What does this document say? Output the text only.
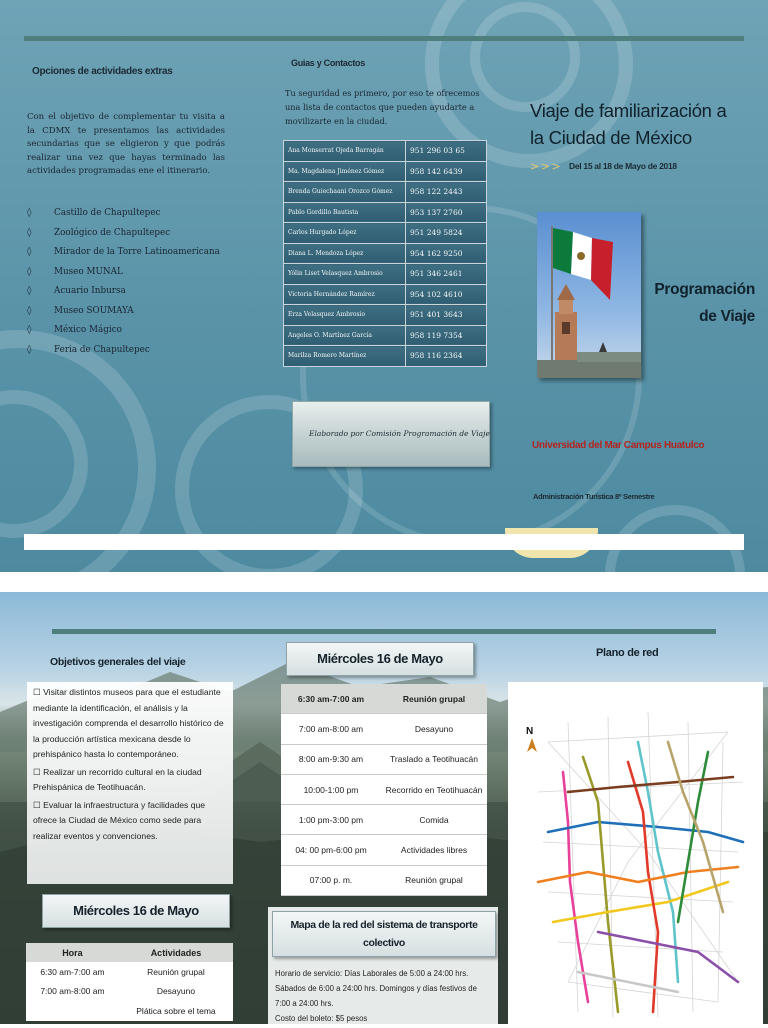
Opciones de actividades extras
Con el objetivo de complementar tu visita a la CDMX te presentamos las actividades secundarias que se eligieron y que podrás realizar una vez que hayas terminado las actividades programadas ene el itinerario.
◊	Castillo de Chapultepec
◊	Zoológico de Chapultepec
◊	Mirador de la Torre Latinoamericana
◊	Museo MUNAL
◊	Acuario Inbursa
◊	Museo SOUMAYA
◊	México Mágico
◊	Feria de Chapultepec
Guias y Contactos
Tu seguridad es primero, por eso te ofrecemos una lista de contactos que pueden ayudarte a movilizarte en la ciudad.
Ana Monserrat Ojeda Barragán	951 296 03 65
Ma. Magdalena Jiménez Gómez	958 142 6439
Brenda Guiechaani Orozco Gómez	958 122 2443
Pablo Gordillo Bautista	953 137 2760
Carlos Hurgado López	951 249 5824
Diana L. Mendoza López	954 162 9250
Yólin Liset Velasquez Ambrosio	951 346 2461
Victoria Hernández Ramírez	954 102 4610
Erza Velasquez Ambrosio	951 401 3643
Angeles O. Martínez García	958 119 7354
Marilza Romero Martínez	958 116 2364
Elaborado por Comisión Programación de Viaje
Viaje de familiarización a
la Ciudad de México
> > > Del 15 al 18 de Mayo de 2018
Programación
de Viaje
Universidad del Mar Campus Huatulco
Administración Turística 8º Semestre
Objetivos generales del viaje

☐ Visitar distintos museos para que el estudiante mediante la identificación, el análisis y la investigación comprenda el desarrollo histórico de la producción artística mexicana desde lo prehispánico hasta lo contemporáneo.

☐ Realizar un recorrido cultural en la ciudad Prehispánica de Teotihuacán.

☐ Evaluar la infraestructura y facilidades que ofrece la Ciudad de México como sede para realizar eventos y convenciones.

Miércoles 16 de Mayo
6:30 am-7:00 am	Reunión grupal
7:00 am-8:00 am	Desayuno
8:00 am-9:30 am	Traslado a Teotihuacán
10:00-1:00 pm	Recorrido en Teotihuacán
1:00 pm-3:00 pm	Comida
04: 00 pm-6:00 pm	Actividades libres
07:00 p. m.	Reunión grupal
Miércoles 16 de Mayo
Hora	Actividades
6:30 am-7:00 am	Reunión grupal
7:00 am-8:00 am	Desayuno
	Plática sobre el tema
Mapa de la red del sistema de transporte colectivo
Horario de servicio: Días Laborales de 5:00 a 24:00 hrs. Sábados de 6:00 a 24:00 hrs. Domingos y días festivos de 7:00 a 24:00 hrs.
Costo del boleto: $5 pesos
Plano de red
N
